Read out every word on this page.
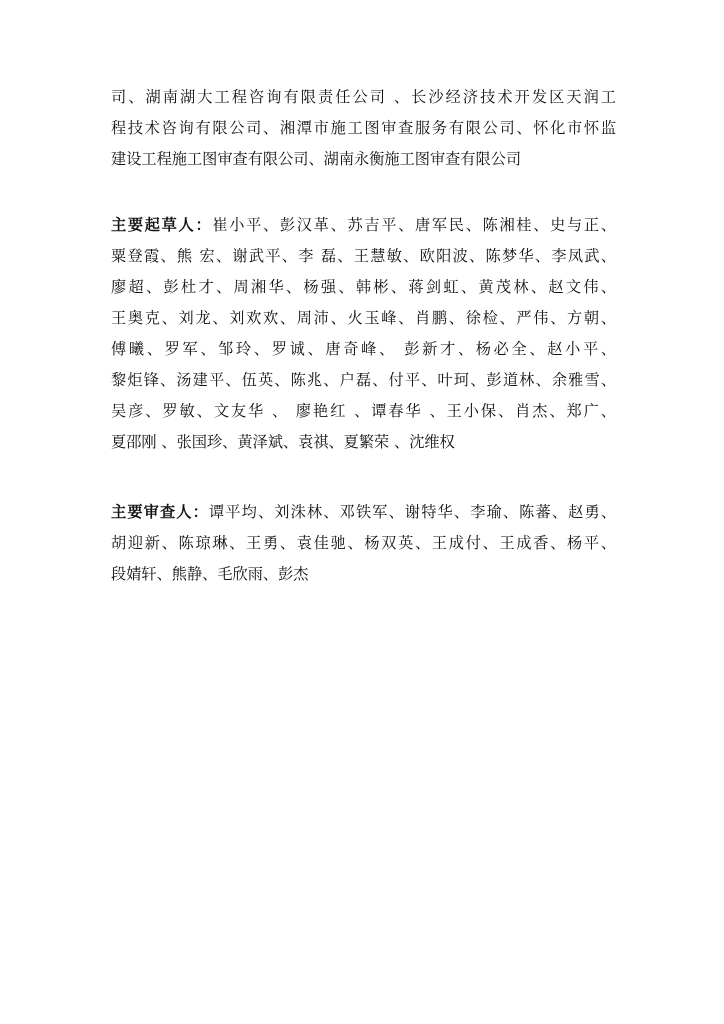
司、湖南湖大工程咨询有限责任公司 、长沙经济技术开发区天润工
程技术咨询有限公司、湘潭市施工图审查服务有限公司、怀化市怀监
建设工程施工图审查有限公司、湖南永衡施工图审查有限公司
主要起草人：崔小平、彭汉革、苏吉平、唐军民、陈湘桂、史与正、
粟登霞、熊 宏、谢武平、李 磊、王慧敏、欧阳波、陈梦华、李凤武、
廖超、彭杜才、周湘华、杨强、韩彬、蒋剑虹、黄茂林、赵文伟、
王奥克、刘龙、刘欢欢、周沛、火玉峰、肖鹏、徐检、严伟、方朝、
傅曦、罗军、邹玲、罗诚、唐奇峰、 彭新才、杨必全、赵小平、
黎炬锋、汤建平、伍英、陈兆、户磊、付平、叶珂、彭道林、余雅雪、
吴彦、罗敏、文友华 、 廖艳红 、谭春华 、王小保、肖杰、郑广、
夏邵刚 、张国珍、黄泽斌、袁祺、夏繁荣 、沈维权
主要审查人：谭平均、刘洙林、邓铁军、谢特华、李瑜、陈蕃、赵勇、
胡迎新、陈琼琳、王勇、袁佳驰、杨双英、王成付、王成香、杨平、
段婧轩、熊静、毛欣雨、彭杰
